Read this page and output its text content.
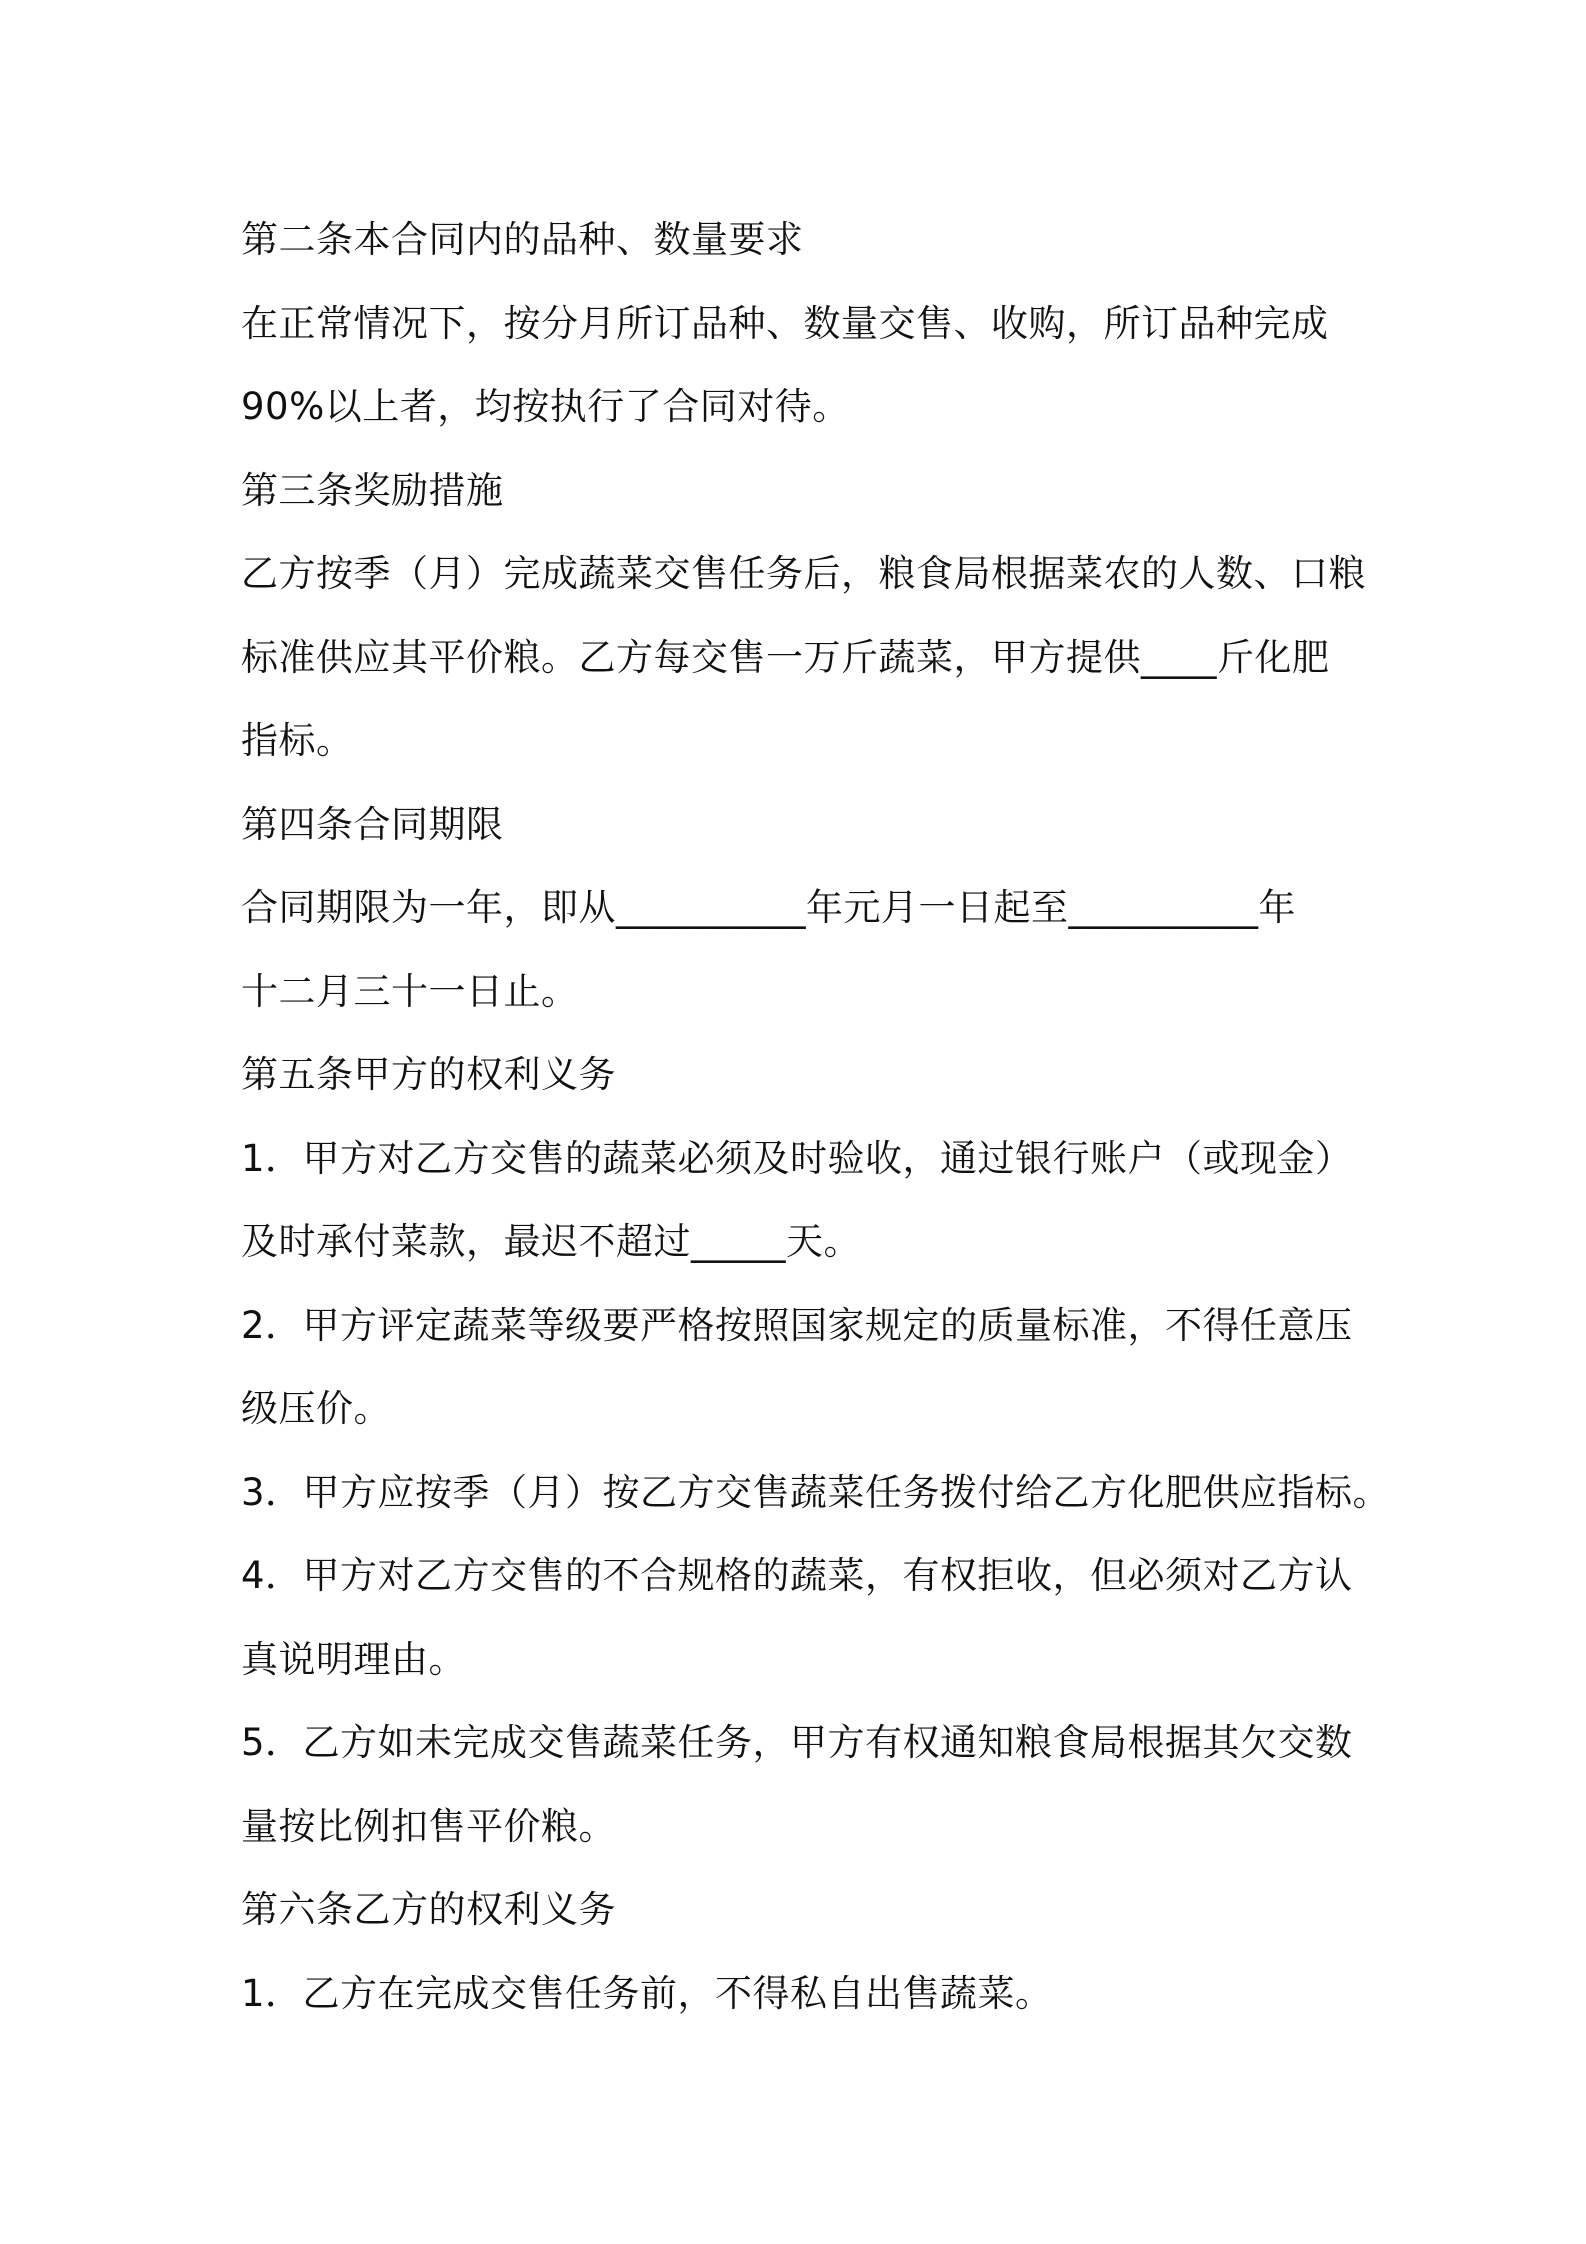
第二条本合同内的品种、数量要求
在正常情况下，按分月所订品种、数量交售、收购，所订品种完成
90%以上者，均按执行了合同对待。
第三条奖励措施
乙方按季（月）完成蔬菜交售任务后，粮食局根据菜农的人数、口粮
标准供应其平价粮。乙方每交售一万斤蔬菜，甲方提供____斤化肥
指标。
第四条合同期限
合同期限为一年，即从__________年元月一日起至__________年
十二月三十一日止。
第五条甲方的权利义务
1．甲方对乙方交售的蔬菜必须及时验收，通过银行账户（或现金）
及时承付菜款，最迟不超过_____天。
2．甲方评定蔬菜等级要严格按照国家规定的质量标准，不得任意压
级压价。
3．甲方应按季（月）按乙方交售蔬菜任务拨付给乙方化肥供应指标。
4．甲方对乙方交售的不合规格的蔬菜，有权拒收，但必须对乙方认
真说明理由。
5．乙方如未完成交售蔬菜任务，甲方有权通知粮食局根据其欠交数
量按比例扣售平价粮。
第六条乙方的权利义务
1．乙方在完成交售任务前，不得私自出售蔬菜。
